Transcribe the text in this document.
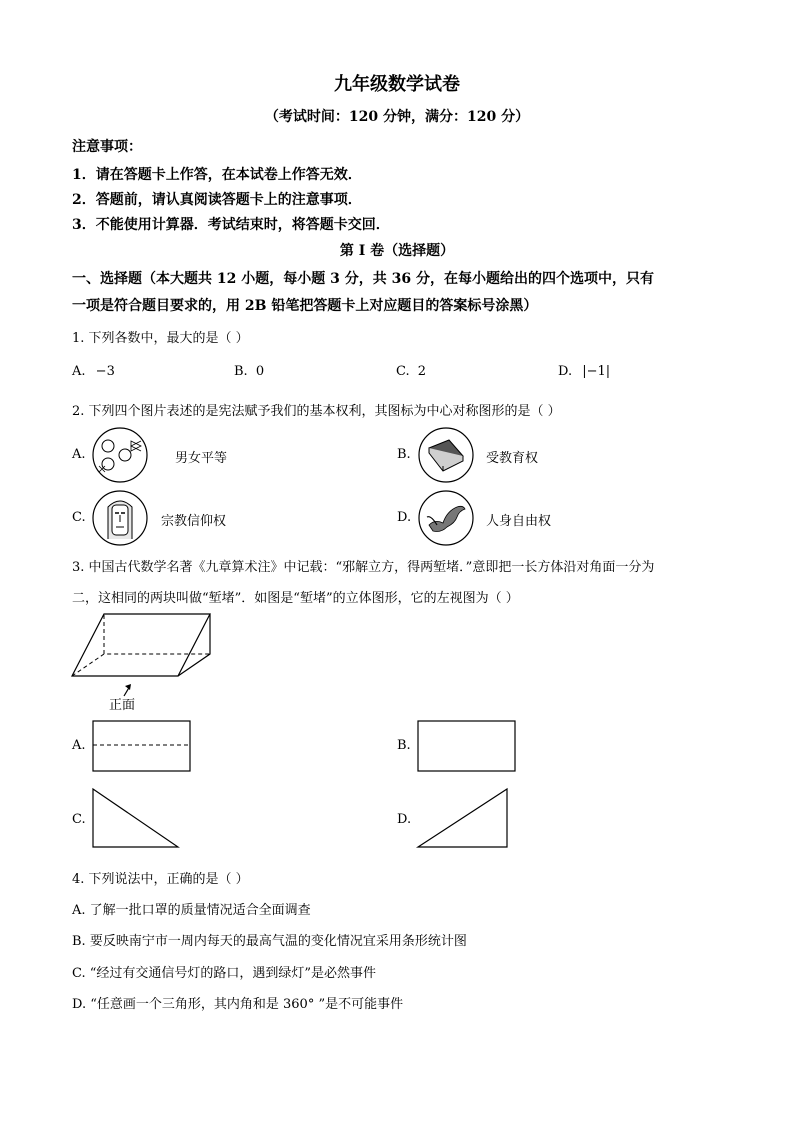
九年级数学试卷
（考试时间：120 分钟，满分：120 分）
注意事项：
1．请在答题卡上作答，在本试卷上作答无效．
2．答题前，请认真阅读答题卡上的注意事项．
3．不能使用计算器．考试结束时，将答题卡交回．
第 Ⅰ 卷（选择题）
一、选择题（本大题共 12 小题，每小题 3 分，共 36 分，在每小题给出的四个选项中，只有
一项是符合题目要求的，用 2B 铅笔把答题卡上对应题目的答案标号涂黑）
1. 下列各数中，最大的是（ ）
A. −3	B. 0	C. 2	D. |−1|
2. 下列四个图片表述的是宪法赋予我们的基本权利，其图标为中心对称图形的是（ ）
A.	男女平等	B.	受教育权
C.	宗教信仰权	D.	人身自由权
3. 中国古代数学名著《九章算术注》中记载：“邪解立方，得两堑堵．”意即把一长方体沿对角面一分为
二，这相同的两块叫做“堑堵”．如图是“堑堵”的立体图形，它的左视图为（ ）
正面
A.	B.
C.	D.
4. 下列说法中，正确的是（ ）
A. 了解一批口罩的质量情况适合全面调查
B. 要反映南宁市一周内每天的最高气温的变化情况宜采用条形统计图
C. “经过有交通信号灯的路口，遇到绿灯”是必然事件
D. “任意画一个三角形，其内角和是 360° ”是不可能事件
